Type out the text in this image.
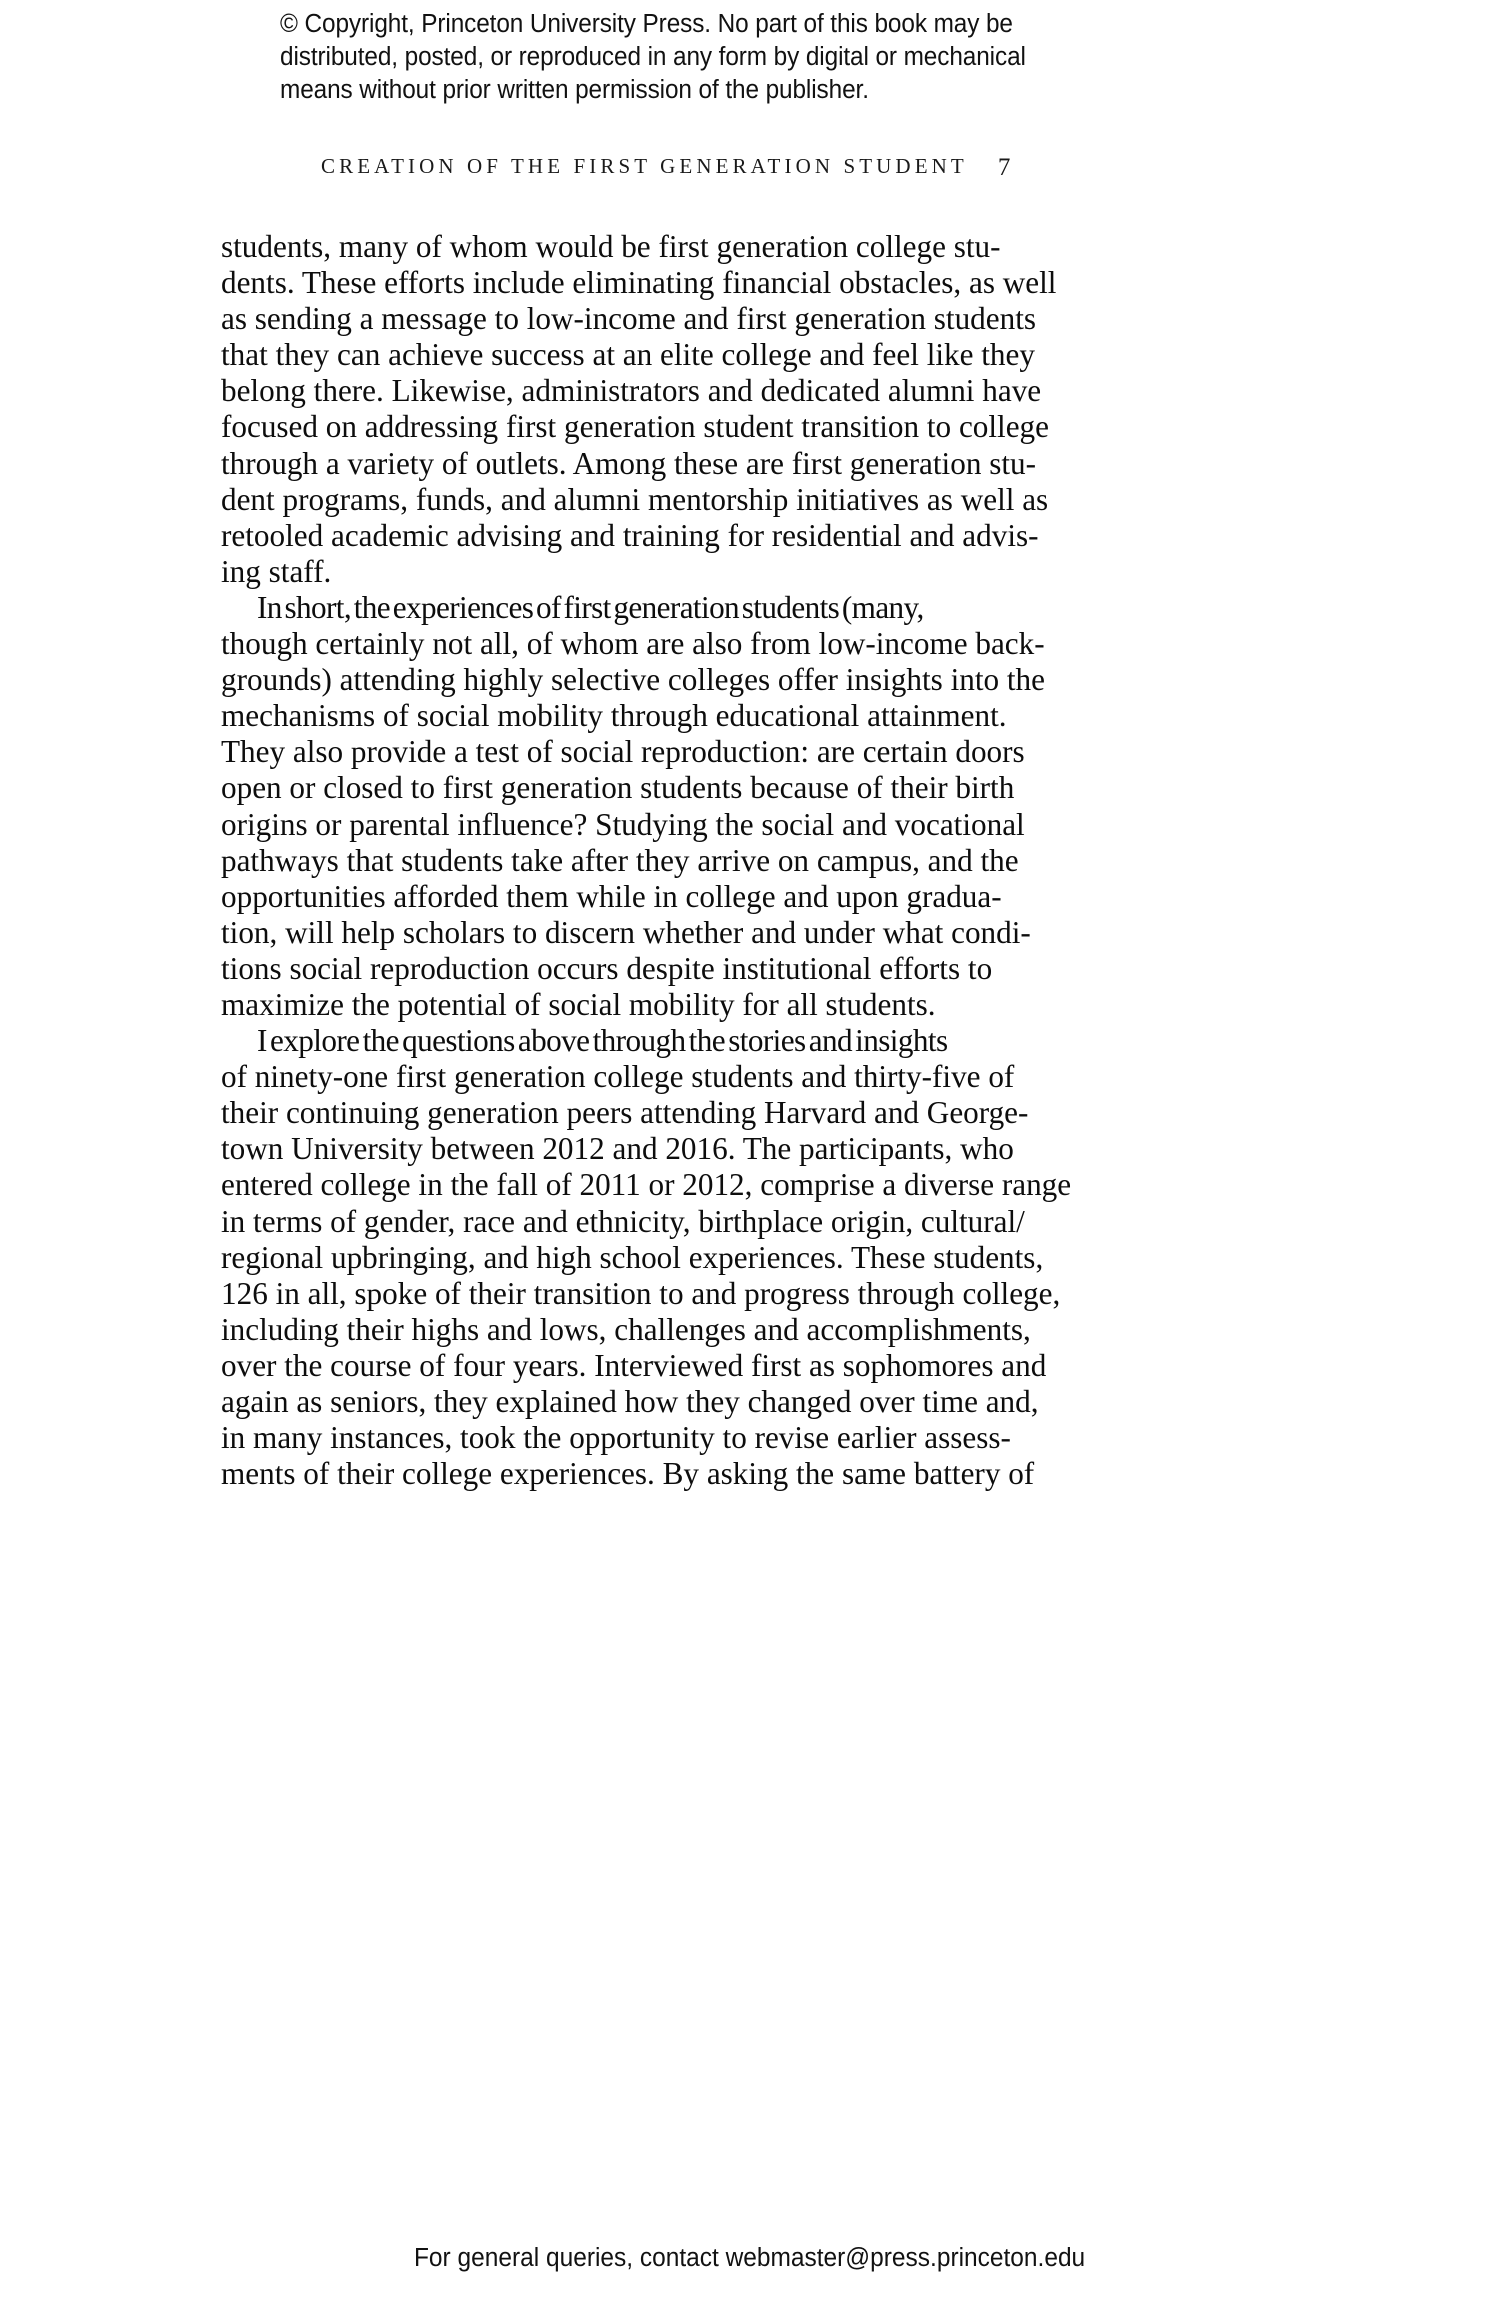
© Copyright, Princeton University Press. No part of this book may be
distributed, posted, or reproduced in any form by digital or mechanical
means without prior written permission of the publisher.
CREATION OF THE FIRST GENERATION STUDENT 7
students, many of whom would be first generation college stu-
dents. These efforts include eliminating financial obstacles, as well
as sending a message to low-income and first generation students
that they can achieve success at an elite college and feel like they
belong there. Likewise, administrators and dedicated alumni have
focused on addressing first generation student transition to college
through a variety of outlets. Among these are first generation stu-
dent programs, funds, and alumni mentorship initiatives as well as
retooled academic advising and training for residential and advis-
ing staff.
In short, the experiences of first generation students (many,
though certainly not all, of whom are also from low-income back-
grounds) attending highly selective colleges offer insights into the
mechanisms of social mobility through educational attainment.
They also provide a test of social reproduction: are certain doors
open or closed to first generation students because of their birth
origins or parental influence? Studying the social and vocational
pathways that students take after they arrive on campus, and the
opportunities afforded them while in college and upon gradua-
tion, will help scholars to discern whether and under what condi-
tions social reproduction occurs despite institutional efforts to
maximize the potential of social mobility for all students.
I explore the questions above through the stories and insights
of ninety-one first generation college students and thirty-five of
their continuing generation peers attending Harvard and George-
town University between 2012 and 2016. The participants, who
entered college in the fall of 2011 or 2012, comprise a diverse range
in terms of gender, race and ethnicity, birthplace origin, cultural/
regional upbringing, and high school experiences. These students,
126 in all, spoke of their transition to and progress through college,
including their highs and lows, challenges and accomplishments,
over the course of four years. Interviewed first as sophomores and
again as seniors, they explained how they changed over time and,
in many instances, took the opportunity to revise earlier assess-
ments of their college experiences. By asking the same battery of
For general queries, contact webmaster@press.princeton.edu
